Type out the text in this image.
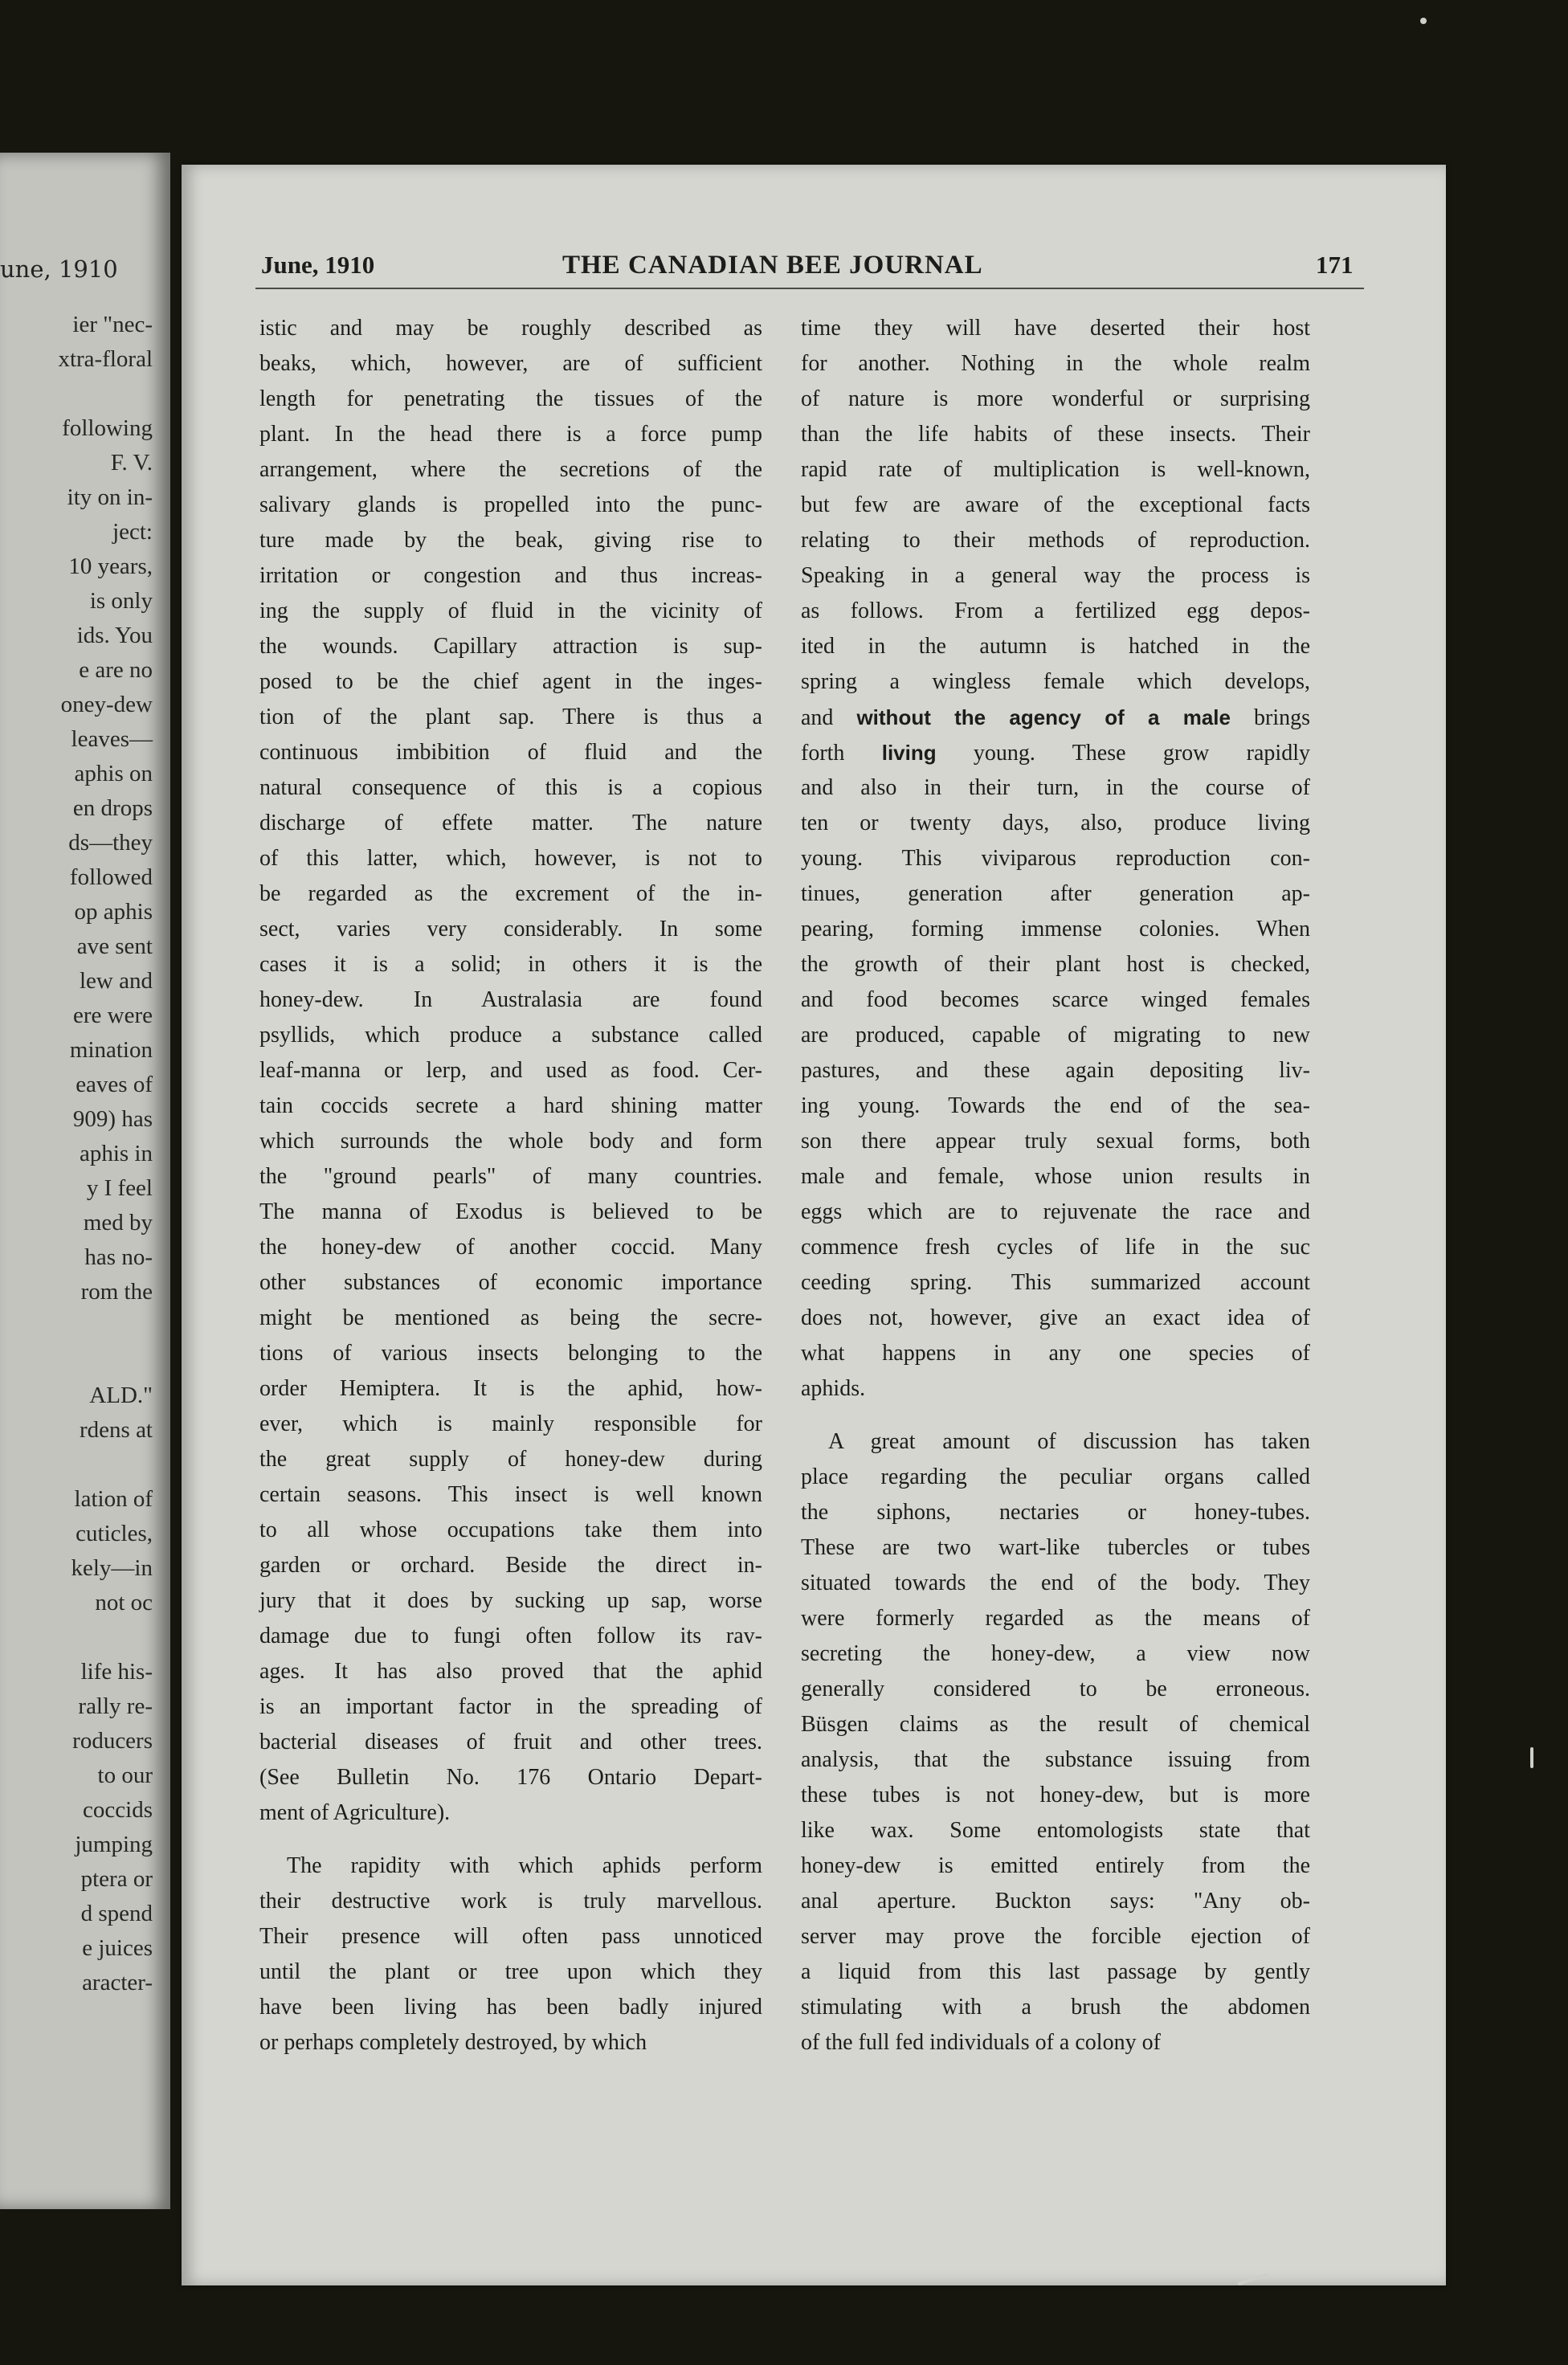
une, 1910
ier "nec-
xtra-floral
following
F. V.
ity on in-
ject:
10 years,
is only
ids. You
e are no
oney-dew
leaves—
aphis on
en drops
ds—they
followed
op aphis
ave sent
lew and
ere were
mination
eaves of
909) has
aphis in
y I feel
med by
has no-
rom the
ALD."
rdens at
lation of
cuticles,
kely—in
not oc
life his-
rally re-
roducers
to our
coccids
jumping
ptera or
d spend
e juices
aracter-
June, 1910	THE CANADIAN BEE JOURNAL	171
istic and may be roughly described as
beaks, which, however, are of sufficient
length for penetrating the tissues of the
plant. In the head there is a force pump
arrangement, where the secretions of the
salivary glands is propelled into the punc-
ture made by the beak, giving rise to
irritation or congestion and thus increas-
ing the supply of fluid in the vicinity of
the wounds. Capillary attraction is sup-
posed to be the chief agent in the inges-
tion of the plant sap. There is thus a
continuous imbibition of fluid and the
natural consequence of this is a copious
discharge of effete matter. The nature
of this latter, which, however, is not to
be regarded as the excrement of the in-
sect, varies very considerably. In some
cases it is a solid; in others it is the
honey-dew. In Australasia are found
psyllids, which produce a substance called
leaf-manna or lerp, and used as food. Cer-
tain coccids secrete a hard shining matter
which surrounds the whole body and form
the "ground pearls" of many countries.
The manna of Exodus is believed to be
the honey-dew of another coccid. Many
other substances of economic importance
might be mentioned as being the secre-
tions of various insects belonging to the
order Hemiptera. It is the aphid, how-
ever, which is mainly responsible for
the great supply of honey-dew during
certain seasons. This insect is well known
to all whose occupations take them into
garden or orchard. Beside the direct in-
jury that it does by sucking up sap, worse
damage due to fungi often follow its rav-
ages. It has also proved that the aphid
is an important factor in the spreading of
bacterial diseases of fruit and other trees.
(See Bulletin No. 176 Ontario Depart-
ment of Agriculture).
The rapidity with which aphids perform
their destructive work is truly marvellous.
Their presence will often pass unnoticed
until the plant or tree upon which they
have been living has been badly injured
or perhaps completely destroyed, by which
time they will have deserted their host
for another. Nothing in the whole realm
of nature is more wonderful or surprising
than the life habits of these insects. Their
rapid rate of multiplication is well-known,
but few are aware of the exceptional facts
relating to their methods of reproduction.
Speaking in a general way the process is
as follows. From a fertilized egg depos-
ited in the autumn is hatched in the
spring a wingless female which develops,
and without the agency of a male brings
forth living young. These grow rapidly
and also in their turn, in the course of
ten or twenty days, also, produce living
young. This viviparous reproduction con-
tinues, generation after generation ap-
pearing, forming immense colonies. When
the growth of their plant host is checked,
and food becomes scarce winged females
are produced, capable of migrating to new
pastures, and these again depositing liv-
ing young. Towards the end of the sea-
son there appear truly sexual forms, both
male and female, whose union results in
eggs which are to rejuvenate the race and
commence fresh cycles of life in the suc
ceeding spring. This summarized account
does not, however, give an exact idea of
what happens in any one species of
aphids.
A great amount of discussion has taken
place regarding the peculiar organs called
the siphons, nectaries or honey-tubes.
These are two wart-like tubercles or tubes
situated towards the end of the body. They
were formerly regarded as the means of
secreting the honey-dew, a view now
generally considered to be erroneous.
Büsgen claims as the result of chemical
analysis, that the substance issuing from
these tubes is not honey-dew, but is more
like wax. Some entomologists state that
honey-dew is emitted entirely from the
anal aperture. Buckton says: "Any ob-
server may prove the forcible ejection of
a liquid from this last passage by gently
stimulating with a brush the abdomen
of the full fed individuals of a colony of
